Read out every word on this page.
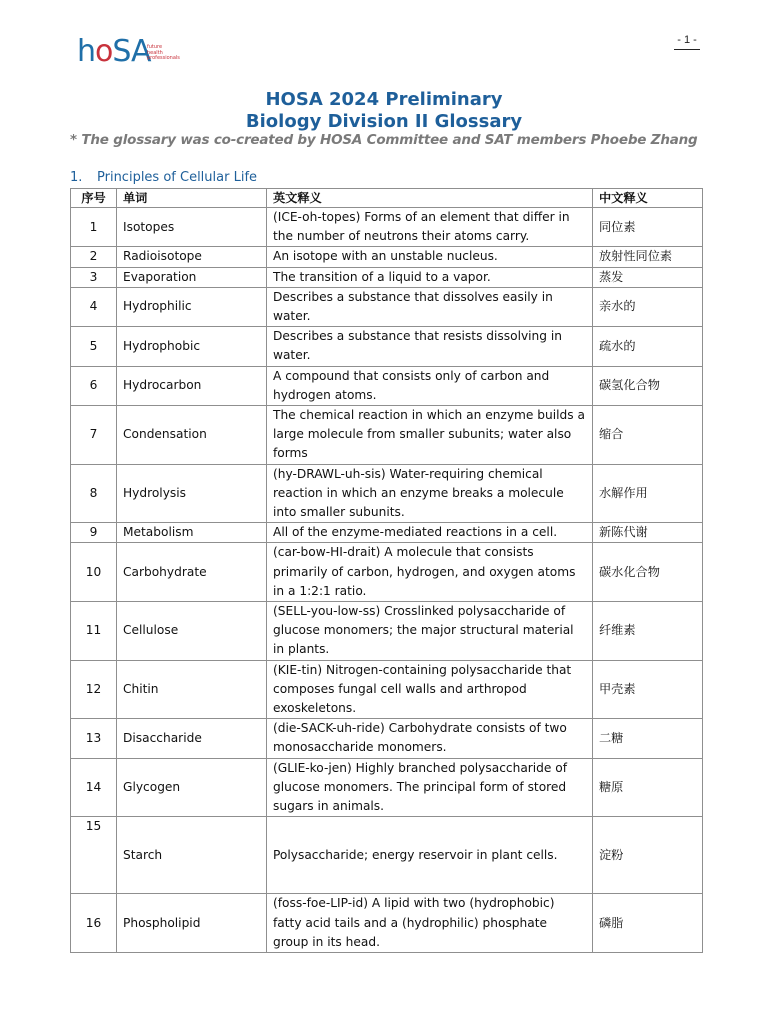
hoSA
future
health
professionals
- 1 -
HOSA 2024 Preliminary
Biology Division II Glossary
* The glossary was co-created by HOSA Committee and SAT members Phoebe Zhang
1. Principles of Cellular Life
序号	单词	英文释义	中文释义
1	Isotopes	(ICE-oh-topes) Forms of an element that differ in the number of neutrons their atoms carry.	同位素
2	Radioisotope	An isotope with an unstable nucleus.	放射性同位素
3	Evaporation	The transition of a liquid to a vapor.	蒸发
4	Hydrophilic	Describes a substance that dissolves easily in water.	亲水的
5	Hydrophobic	Describes a substance that resists dissolving in water.	疏水的
6	Hydrocarbon	A compound that consists only of carbon and hydrogen atoms.	碳氢化合物
7	Condensation	The chemical reaction in which an enzyme builds a large molecule from smaller subunits; water also forms	缩合
8	Hydrolysis	(hy-DRAWL-uh-sis) Water-requiring chemical reaction in which an enzyme breaks a molecule into smaller subunits.	水解作用
9	Metabolism	All of the enzyme-mediated reactions in a cell.	新陈代谢
10	Carbohydrate	(car-bow-HI-drait) A molecule that consists primarily of carbon, hydrogen, and oxygen atoms in a 1:2:1 ratio.	碳水化合物
11	Cellulose	(SELL-you-low-ss) Crosslinked polysaccharide of glucose monomers; the major structural material in plants.	纤维素
12	Chitin	(KIE-tin) Nitrogen-containing polysaccharide that composes fungal cell walls and arthropod exoskeletons.	甲壳素
13	Disaccharide	(die-SACK-uh-ride) Carbohydrate consists of two monosaccharide monomers.	二糖
14	Glycogen	(GLIE-ko-jen) Highly branched polysaccharide of glucose monomers. The principal form of stored sugars in animals.	糖原
15	Starch	Polysaccharide; energy reservoir in plant cells.	淀粉
16	Phospholipid	(foss-foe-LIP-id) A lipid with two (hydrophobic) fatty acid tails and a (hydrophilic) phosphate group in its head.	磷脂
